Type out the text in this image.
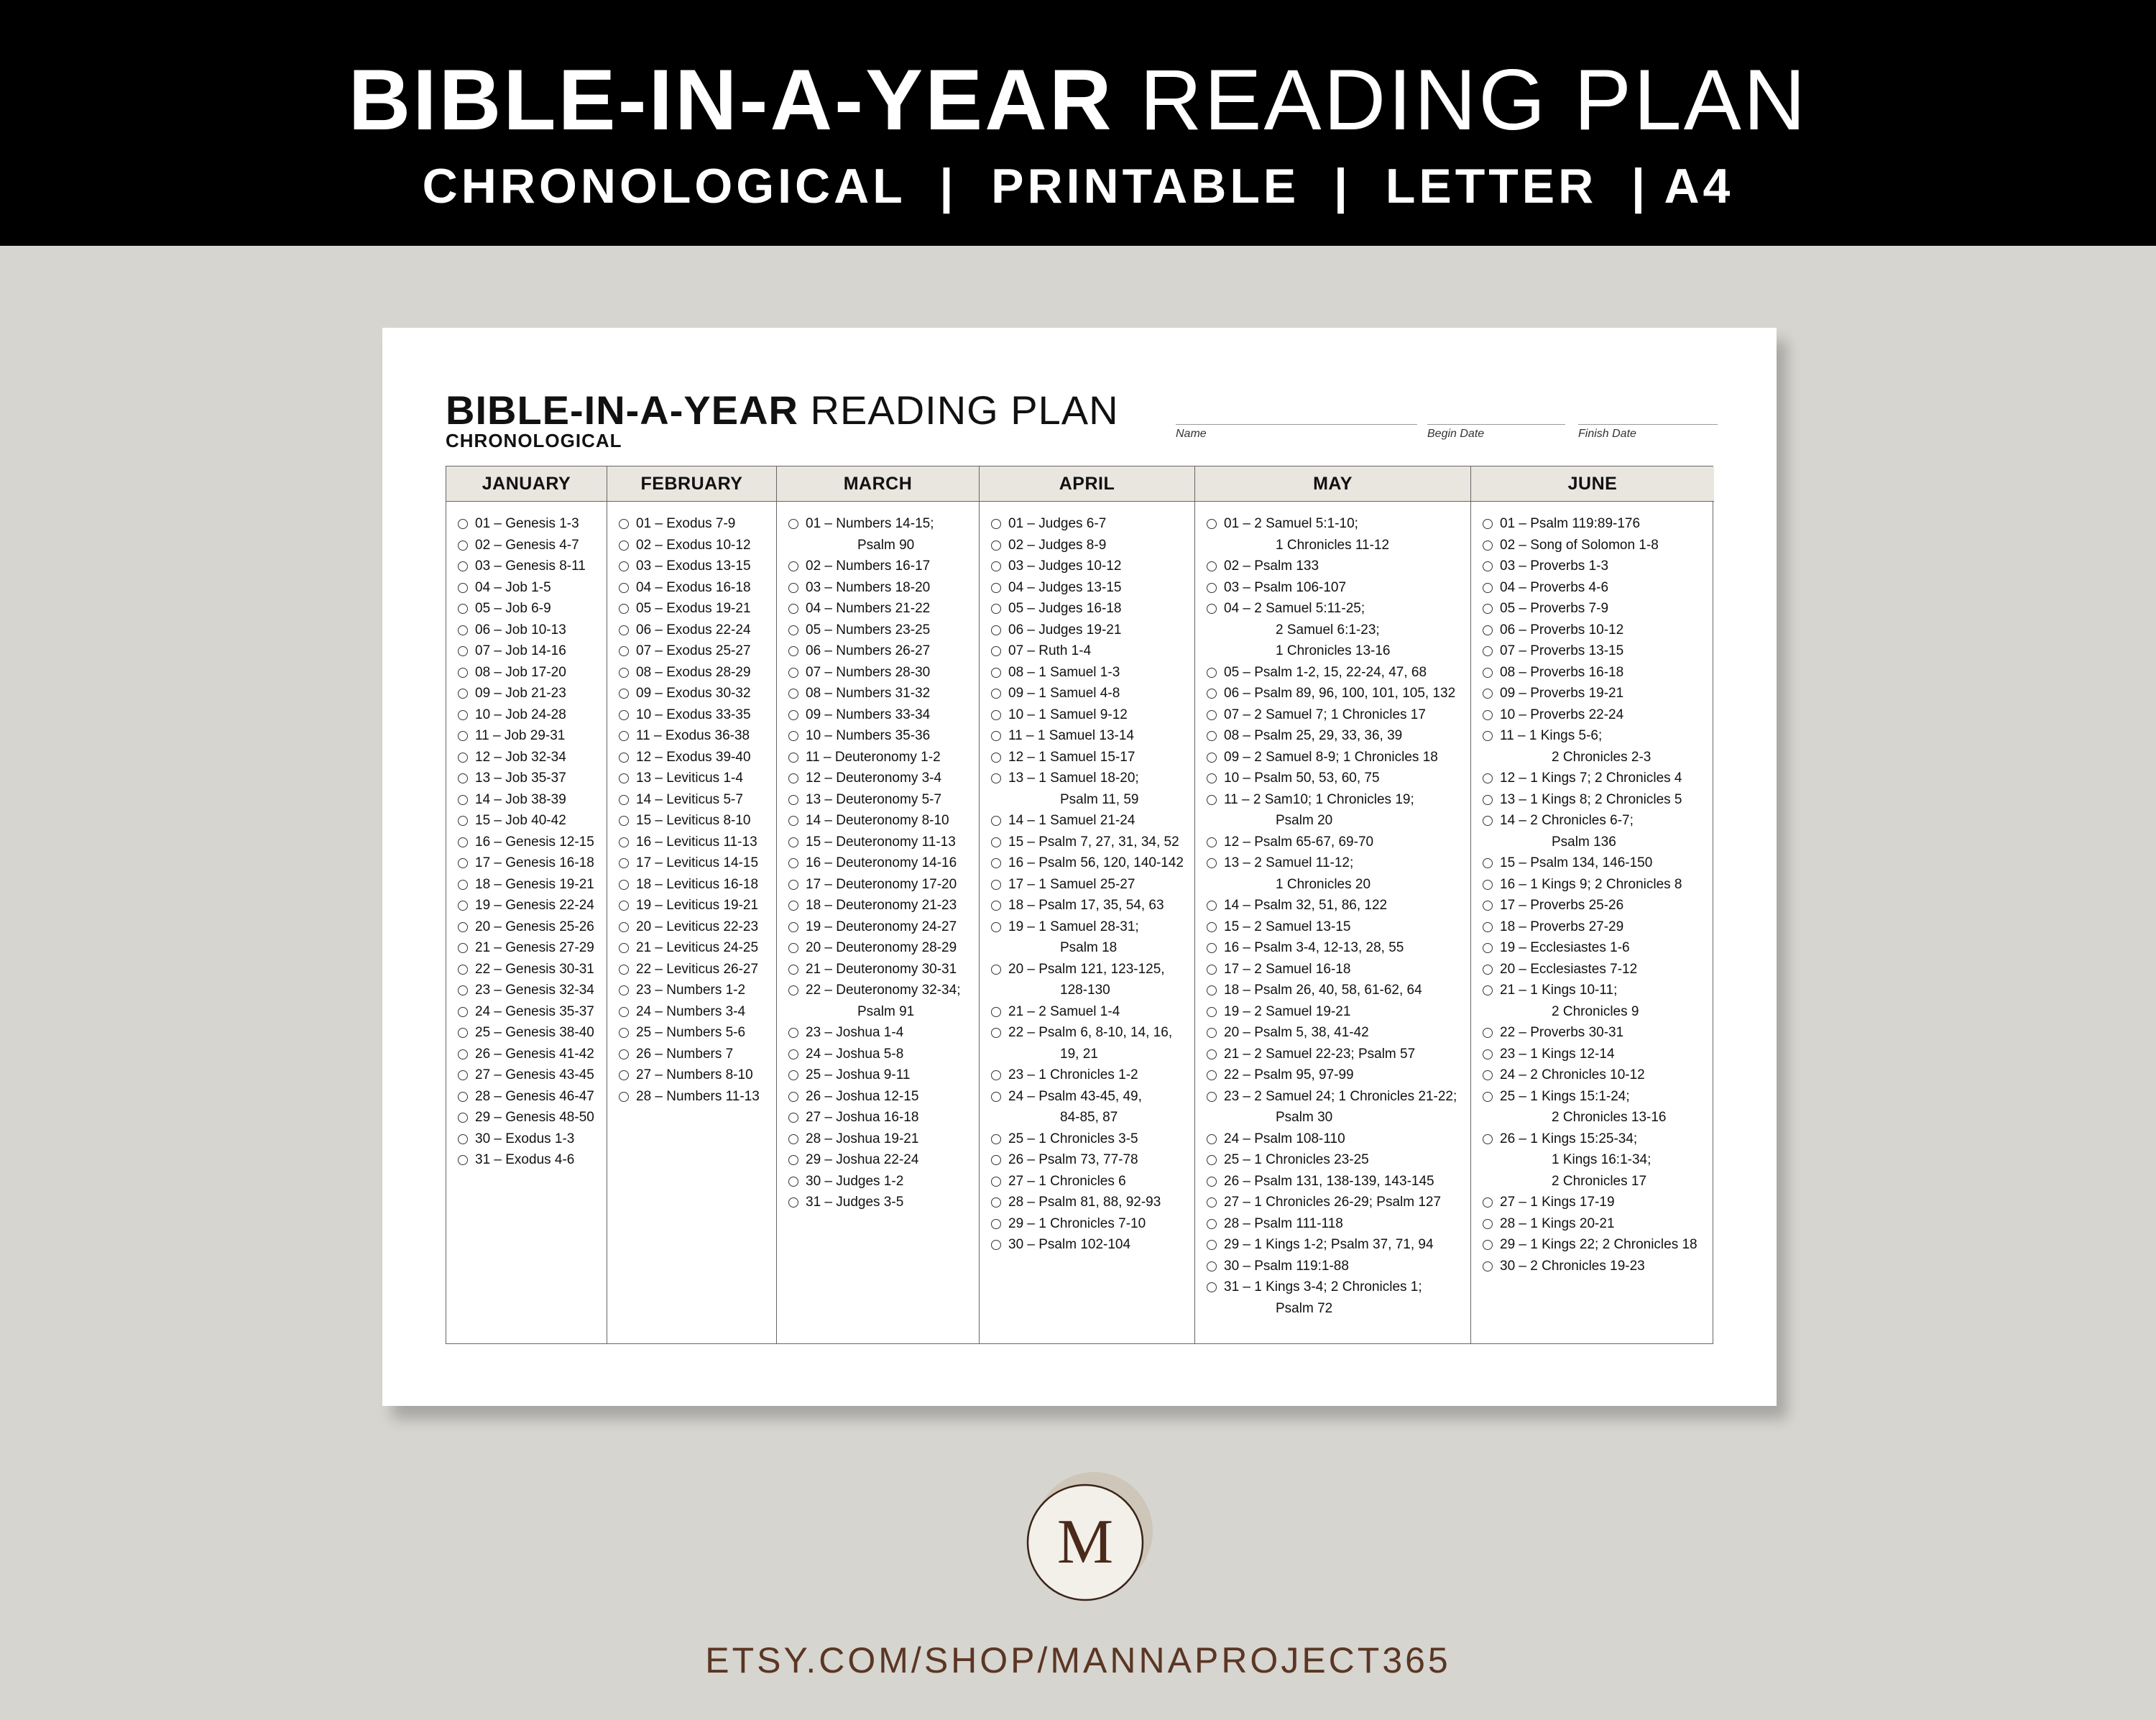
BIBLE-IN-A-YEAR READING PLAN
CHRONOLOGICAL  |  PRINTABLE  |  LETTER  | A4
BIBLE-IN-A-YEAR READING PLAN
CHRONOLOGICAL	Name	Begin Date	Finish Date
JANUARY
01 – Genesis 1-3
02 – Genesis 4-7
03 – Genesis 8-11
04 – Job 1-5
05 – Job 6-9
06 – Job 10-13
07 – Job 14-16
08 – Job 17-20
09 – Job 21-23
10 – Job 24-28
11 – Job 29-31
12 – Job 32-34
13 – Job 35-37
14 – Job 38-39
15 – Job 40-42
16 – Genesis 12-15
17 – Genesis 16-18
18 – Genesis 19-21
19 – Genesis 22-24
20 – Genesis 25-26
21 – Genesis 27-29
22 – Genesis 30-31
23 – Genesis 32-34
24 – Genesis 35-37
25 – Genesis 38-40
26 – Genesis 41-42
27 – Genesis 43-45
28 – Genesis 46-47
29 – Genesis 48-50
30 – Exodus 1-3
31 – Exodus 4-6
FEBRUARY
01 – Exodus 7-9
02 – Exodus 10-12
03 – Exodus 13-15
04 – Exodus 16-18
05 – Exodus 19-21
06 – Exodus 22-24
07 – Exodus 25-27
08 – Exodus 28-29
09 – Exodus 30-32
10 – Exodus 33-35
11 – Exodus 36-38
12 – Exodus 39-40
13 – Leviticus 1-4
14 – Leviticus 5-7
15 – Leviticus 8-10
16 – Leviticus 11-13
17 – Leviticus 14-15
18 – Leviticus 16-18
19 – Leviticus 19-21
20 – Leviticus 22-23
21 – Leviticus 24-25
22 – Leviticus 26-27
23 – Numbers 1-2
24 – Numbers 3-4
25 – Numbers 5-6
26 – Numbers 7
27 – Numbers 8-10
28 – Numbers 11-13
MARCH
01 – Numbers 14-15;
Psalm 90
02 – Numbers 16-17
03 – Numbers 18-20
04 – Numbers 21-22
05 – Numbers 23-25
06 – Numbers 26-27
07 – Numbers 28-30
08 – Numbers 31-32
09 – Numbers 33-34
10 – Numbers 35-36
11 – Deuteronomy 1-2
12 – Deuteronomy 3-4
13 – Deuteronomy 5-7
14 – Deuteronomy 8-10
15 – Deuteronomy 11-13
16 – Deuteronomy 14-16
17 – Deuteronomy 17-20
18 – Deuteronomy 21-23
19 – Deuteronomy 24-27
20 – Deuteronomy 28-29
21 – Deuteronomy 30-31
22 – Deuteronomy 32-34;
Psalm 91
23 – Joshua 1-4
24 – Joshua 5-8
25 – Joshua 9-11
26 – Joshua 12-15
27 – Joshua 16-18
28 – Joshua 19-21
29 – Joshua 22-24
30 – Judges 1-2
31 – Judges 3-5
APRIL
01 – Judges 6-7
02 – Judges 8-9
03 – Judges 10-12
04 – Judges 13-15
05 – Judges 16-18
06 – Judges 19-21
07 – Ruth 1-4
08 – 1 Samuel 1-3
09 – 1 Samuel 4-8
10 – 1 Samuel 9-12
11 – 1 Samuel 13-14
12 – 1 Samuel 15-17
13 – 1 Samuel 18-20;
Psalm 11, 59
14 – 1 Samuel 21-24
15 – Psalm 7, 27, 31, 34, 52
16 – Psalm 56, 120, 140-142
17 – 1 Samuel 25-27
18 – Psalm 17, 35, 54, 63
19 – 1 Samuel 28-31;
Psalm 18
20 – Psalm 121, 123-125,
128-130
21 – 2 Samuel 1-4
22 – Psalm 6, 8-10, 14, 16,
19, 21
23 – 1 Chronicles 1-2
24 – Psalm 43-45, 49,
84-85, 87
25 – 1 Chronicles 3-5
26 – Psalm 73, 77-78
27 – 1 Chronicles 6
28 – Psalm 81, 88, 92-93
29 – 1 Chronicles 7-10
30 – Psalm 102-104
MAY
01 – 2 Samuel 5:1-10;
1 Chronicles 11-12
02 – Psalm 133
03 – Psalm 106-107
04 – 2 Samuel 5:11-25;
2 Samuel 6:1-23;
1 Chronicles 13-16
05 – Psalm 1-2, 15, 22-24, 47, 68
06 – Psalm 89, 96, 100, 101, 105, 132
07 – 2 Samuel 7; 1 Chronicles 17
08 – Psalm 25, 29, 33, 36, 39
09 – 2 Samuel 8-9; 1 Chronicles 18
10 – Psalm 50, 53, 60, 75
11 – 2 Sam10; 1 Chronicles 19;
Psalm 20
12 – Psalm 65-67, 69-70
13 – 2 Samuel 11-12;
1 Chronicles 20
14 – Psalm 32, 51, 86, 122
15 – 2 Samuel 13-15
16 – Psalm 3-4, 12-13, 28, 55
17 – 2 Samuel 16-18
18 – Psalm 26, 40, 58, 61-62, 64
19 – 2 Samuel 19-21
20 – Psalm 5, 38, 41-42
21 – 2 Samuel 22-23; Psalm 57
22 – Psalm 95, 97-99
23 – 2 Samuel 24; 1 Chronicles 21-22;
Psalm 30
24 – Psalm 108-110
25 – 1 Chronicles 23-25
26 – Psalm 131, 138-139, 143-145
27 – 1 Chronicles 26-29; Psalm 127
28 – Psalm 111-118
29 – 1 Kings 1-2; Psalm 37, 71, 94
30 – Psalm 119:1-88
31 – 1 Kings 3-4; 2 Chronicles 1;
Psalm 72
JUNE
01 – Psalm 119:89-176
02 – Song of Solomon 1-8
03 – Proverbs 1-3
04 – Proverbs 4-6
05 – Proverbs 7-9
06 – Proverbs 10-12
07 – Proverbs 13-15
08 – Proverbs 16-18
09 – Proverbs 19-21
10 – Proverbs 22-24
11 – 1 Kings 5-6;
2 Chronicles 2-3
12 – 1 Kings 7; 2 Chronicles 4
13 – 1 Kings 8; 2 Chronicles 5
14 – 2 Chronicles 6-7;
Psalm 136
15 – Psalm 134, 146-150
16 – 1 Kings 9; 2 Chronicles 8
17 – Proverbs 25-26
18 – Proverbs 27-29
19 – Ecclesiastes 1-6
20 – Ecclesiastes 7-12
21 – 1 Kings 10-11;
2 Chronicles 9
22 – Proverbs 30-31
23 – 1 Kings 12-14
24 – 2 Chronicles 10-12
25 – 1 Kings 15:1-24;
2 Chronicles 13-16
26 – 1 Kings 15:25-34;
1 Kings 16:1-34;
2 Chronicles 17
27 – 1 Kings 17-19
28 – 1 Kings 20-21
29 – 1 Kings 22; 2 Chronicles 18
30 – 2 Chronicles 19-23
M
ETSY.COM/SHOP/MANNAPROJECT365
